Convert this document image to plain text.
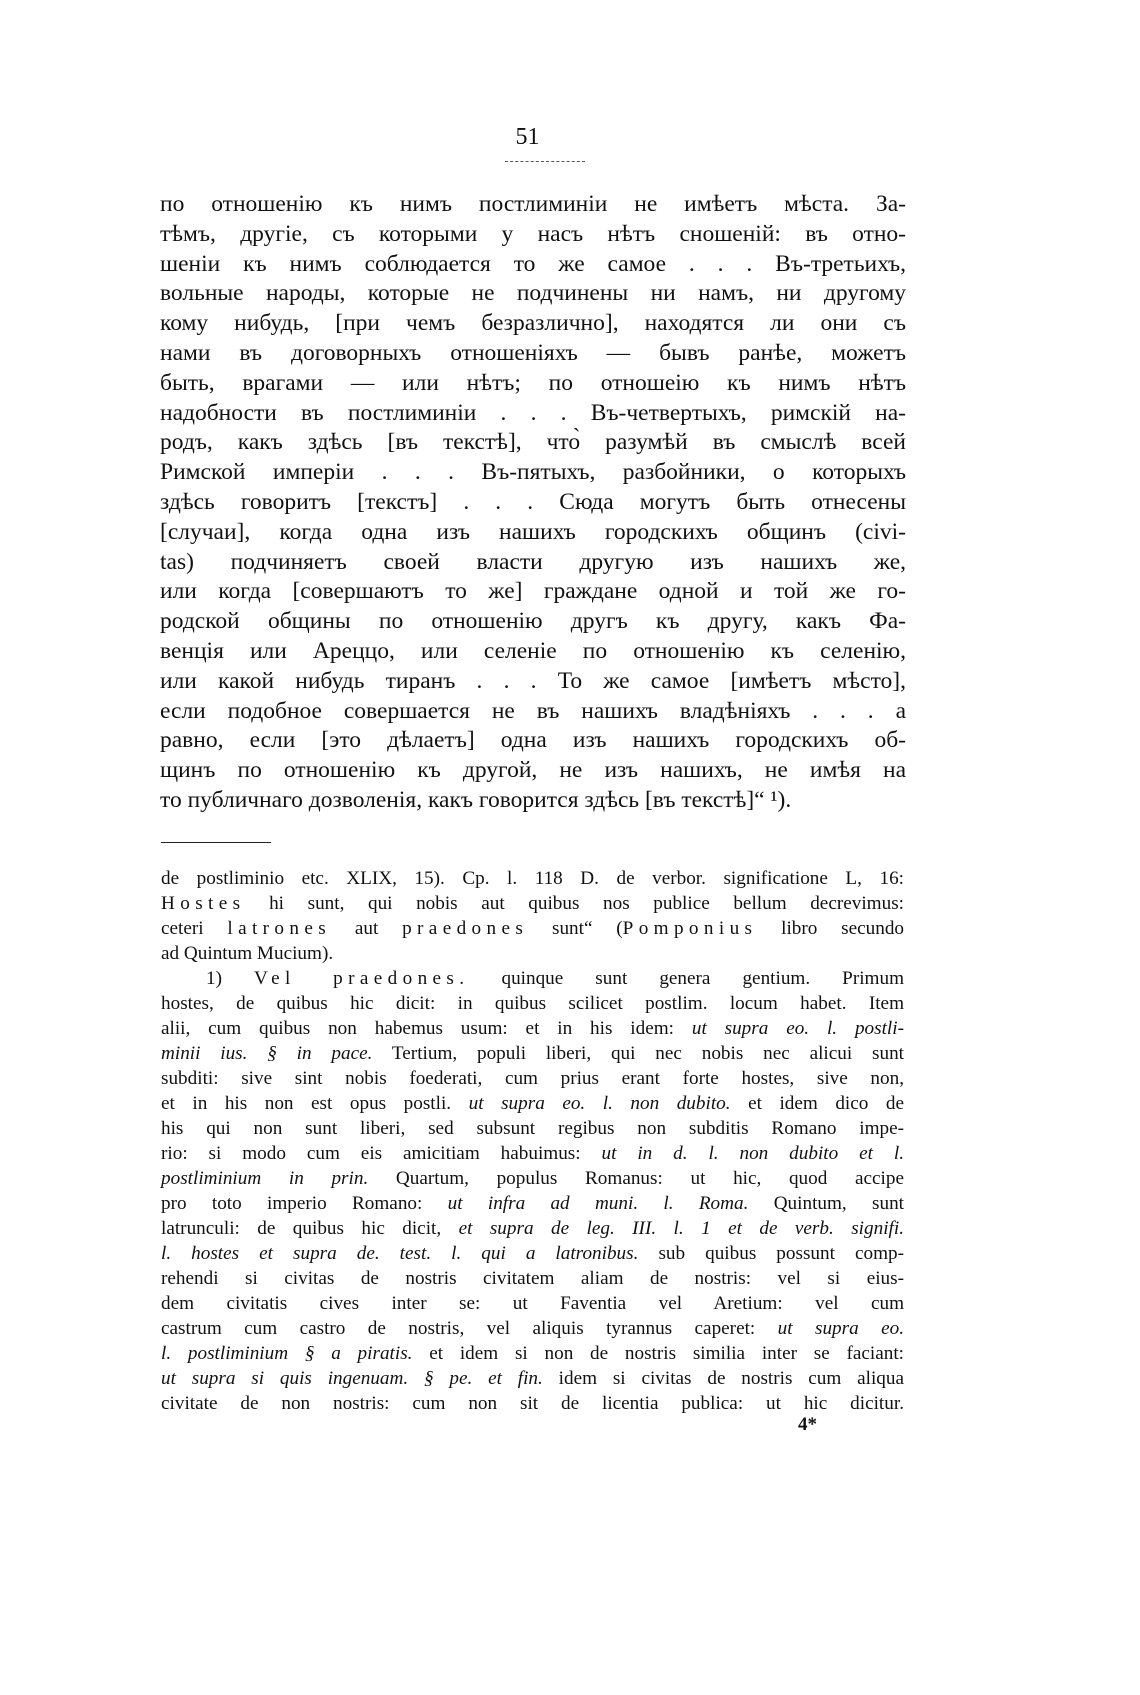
51
по отношенію къ нимъ постлиминіи не имѣетъ мѣста. За-
тѣмъ, другіе, съ которыми у насъ нѣтъ сношеній: въ отно-
шеніи къ нимъ соблюдается то же самое . . . Въ-третьихъ,
вольные народы, которые не подчинены ни намъ, ни другому
кому нибудь, [при чемъ безразлично], находятся ли они съ
нами въ договорныхъ отношеніяхъ — бывъ ранѣе, можетъ
быть, врагами — или нѣтъ; по отношеію къ нимъ нѣтъ
надобности въ постлиминіи . . . Въ-четвертыхъ, римскій на-
родъ, какъ здѣсь [въ текстѣ], что̀ разумѣй въ смыслѣ всей
Римской имперіи . . . Въ-пятыхъ, разбойники, о которыхъ
здѣсь говоритъ [текстъ] . . . Сюда могутъ быть отнесены
[случаи], когда одна изъ нашихъ городскихъ общинъ (civi-
tas) подчиняетъ своей власти другую изъ нашихъ же,
или когда [совершаютъ то же] граждане одной и той же го-
родской общины по отношенію другъ къ другу, какъ Фа-
венція или Ареццо, или селеніе по отношенію къ селенію,
или какой нибудь тиранъ . . . То же самое [имѣетъ мѣсто],
если подобное совершается не въ нашихъ владѣніяхъ . . . а
равно, если [это дѣлаетъ] одна изъ нашихъ городскихъ об-
щинъ по отношенію къ другой, не изъ нашихъ, не имѣя на
то публичнаго дозволенія, какъ говорится здѣсь [въ текстѣ]“ ¹).
de postliminio etc. XLIX, 15). Cp. l. 118 D. de verbor. significatione L, 16:
Hostes hi sunt, qui nobis aut quibus nos publice bellum decrevimus:
ceteri latrones aut praedones sunt“ (Pomponius libro secundo
ad Quintum Mucium).
1) Vel praedones. quinque sunt genera gentium. Primum
hostes, de quibus hic dicit: in quibus scilicet postlim. locum habet. Item
alii, cum quibus non habemus usum: et in his idem: ut supra eo. l. postli-
minii ius. § in pace. Tertium, populi liberi, qui nec nobis nec alicui sunt
subditi: sive sint nobis foederati, cum prius erant forte hostes, sive non,
et in his non est opus postli. ut supra eo. l. non dubito. et idem dico de
his qui non sunt liberi, sed subsunt regibus non subditis Romano impe-
rio: si modo cum eis amicitiam habuimus: ut in d. l. non dubito et l.
postliminium in prin. Quartum, populus Romanus: ut hic, quod accipe
pro toto imperio Romano: ut infra ad muni. l. Roma. Quintum, sunt
latrunculi: de quibus hic dicit, et supra de leg. III. l. 1 et de verb. signifi.
l. hostes et supra de. test. l. qui a latronibus. sub quibus possunt comp-
rehendi si civitas de nostris civitatem aliam de nostris: vel si eius-
dem civitatis cives inter se: ut Faventia vel Aretium: vel cum
castrum cum castro de nostris, vel aliquis tyrannus caperet: ut supra eo.
l. postliminium § a piratis. et idem si non de nostris similia inter se faciant:
ut supra si quis ingenuam. § pe. et fin. idem si civitas de nostris cum aliqua
civitate de non nostris: cum non sit de licentia publica: ut hic dicitur.
4*
